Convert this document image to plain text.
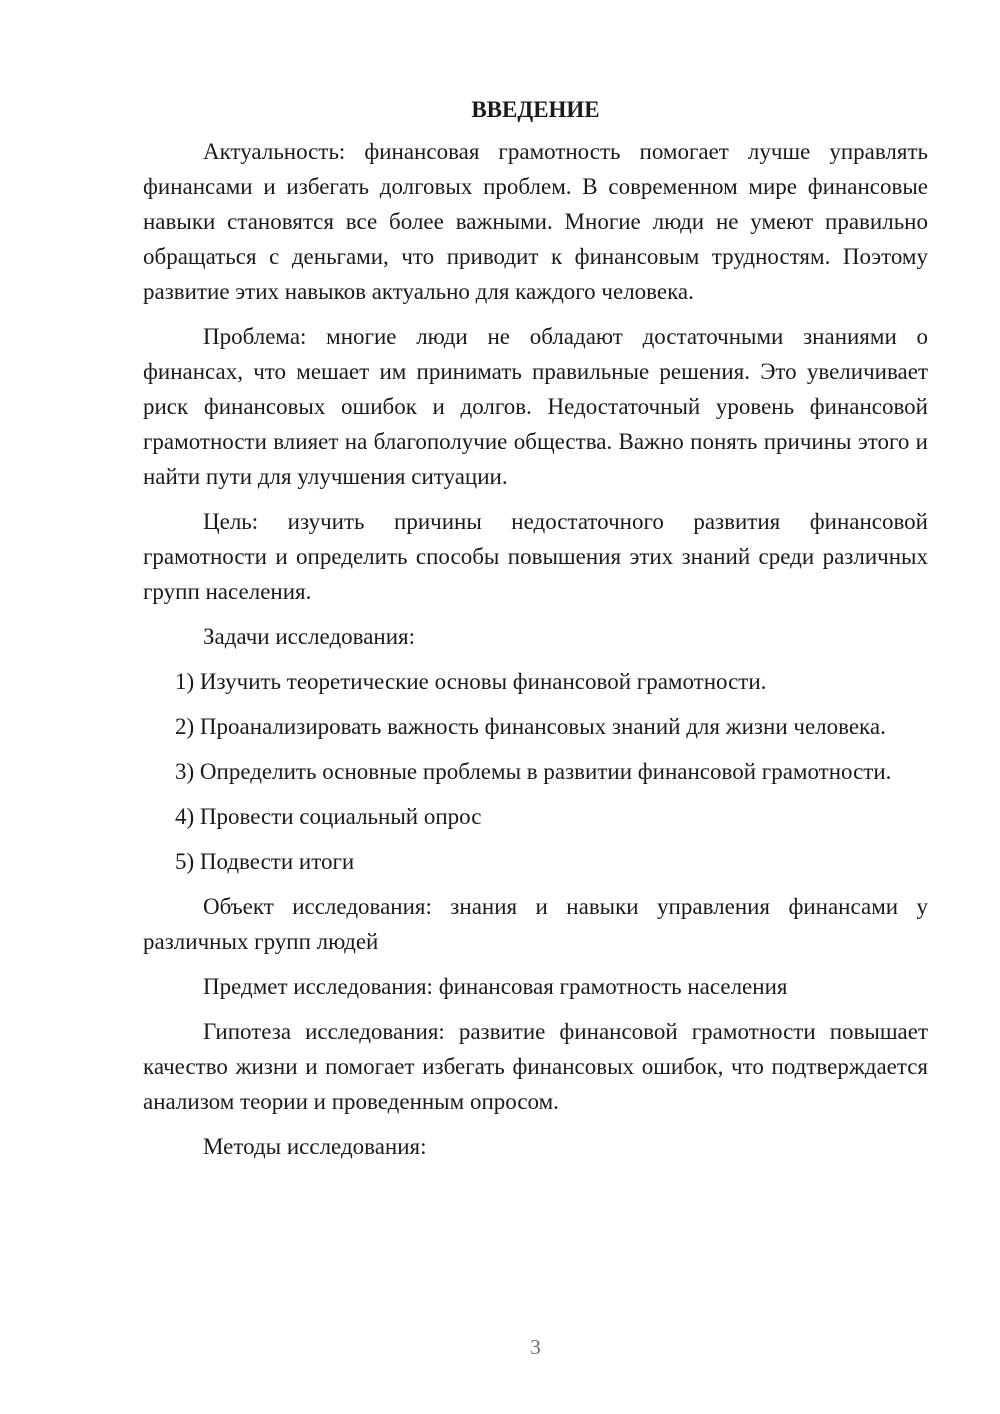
ВВЕДЕНИЕ

Актуальность: финансовая грамотность помогает лучше управлять финансами и избегать долговых проблем. В современном мире финансовые навыки становятся все более важными. Многие люди не умеют правильно обращаться с деньгами, что приводит к финансовым трудностям. Поэтому развитие этих навыков актуально для каждого человека.

Проблема: многие люди не обладают достаточными знаниями о финансах, что мешает им принимать правильные решения. Это увеличивает риск финансовых ошибок и долгов. Недостаточный уровень финансовой грамотности влияет на благополучие общества. Важно понять причины этого и найти пути для улучшения ситуации.

Цель: изучить причины недостаточного развития финансовой грамотности и определить способы повышения этих знаний среди различных групп населения.

Задачи исследования:

1) Изучить теоретические основы финансовой грамотности.

2) Проанализировать важность финансовых знаний для жизни человека.

3) Определить основные проблемы в развитии финансовой грамотности.

4) Провести социальный опрос

5) Подвести итоги

Объект исследования: знания и навыки управления финансами у различных групп людей

Предмет исследования: финансовая грамотность населения

Гипотеза исследования: развитие финансовой грамотности повышает качество жизни и помогает избегать финансовых ошибок, что подтверждается анализом теории и проведенным опросом.

Методы исследования:

3
